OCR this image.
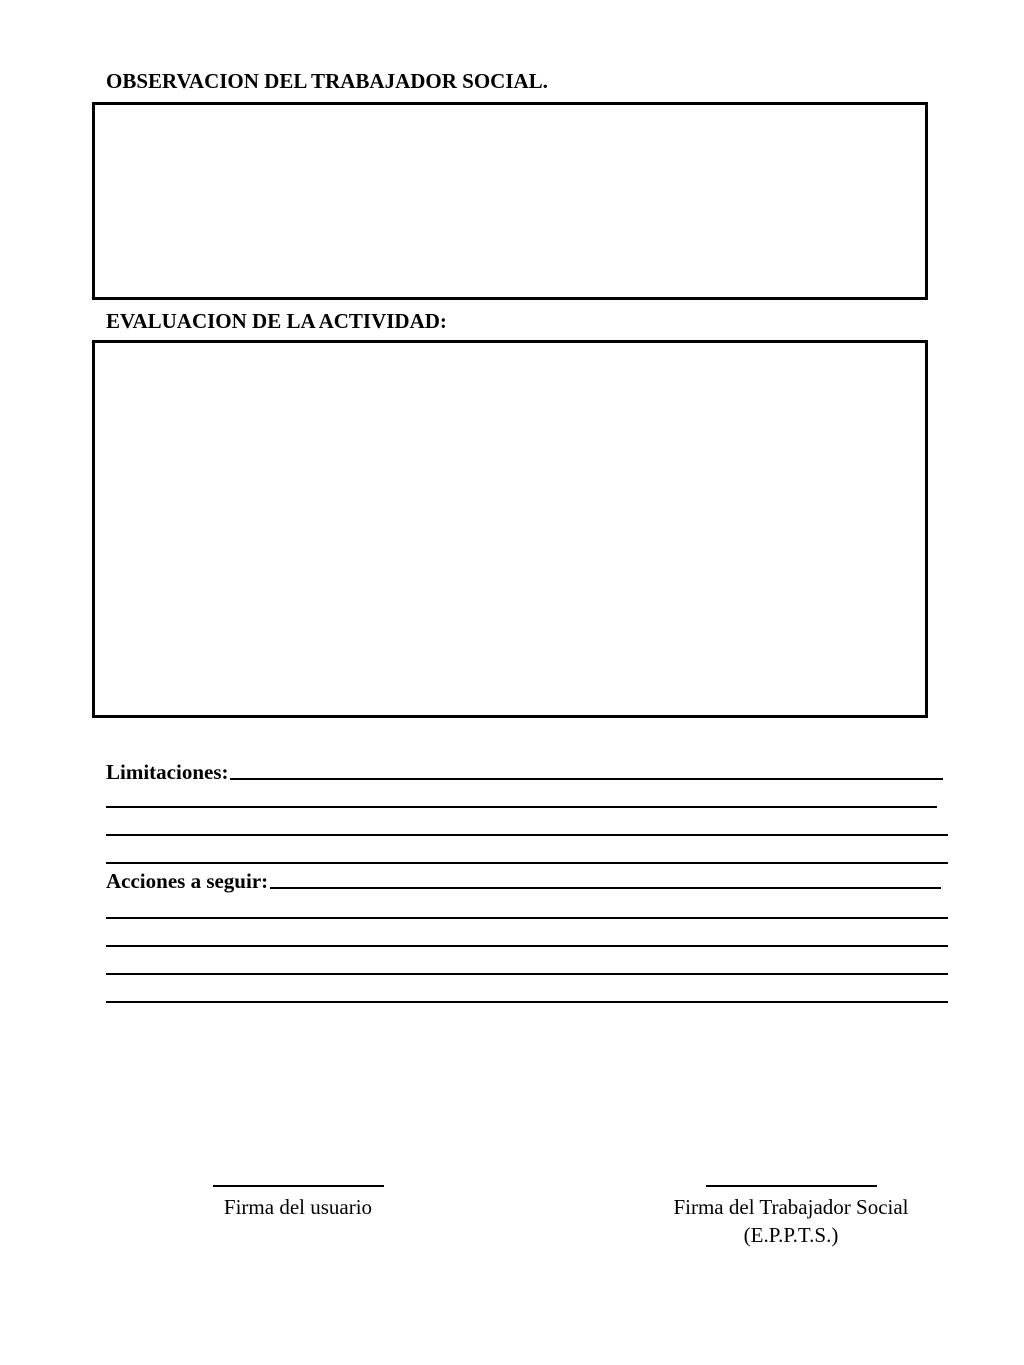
OBSERVACION DEL TRABAJADOR SOCIAL.
EVALUACION DE LA ACTIVIDAD:
Limitaciones:
Acciones a seguir:
Firma del usuario	Firma del Trabajador Social
(E.P.P.T.S.)
